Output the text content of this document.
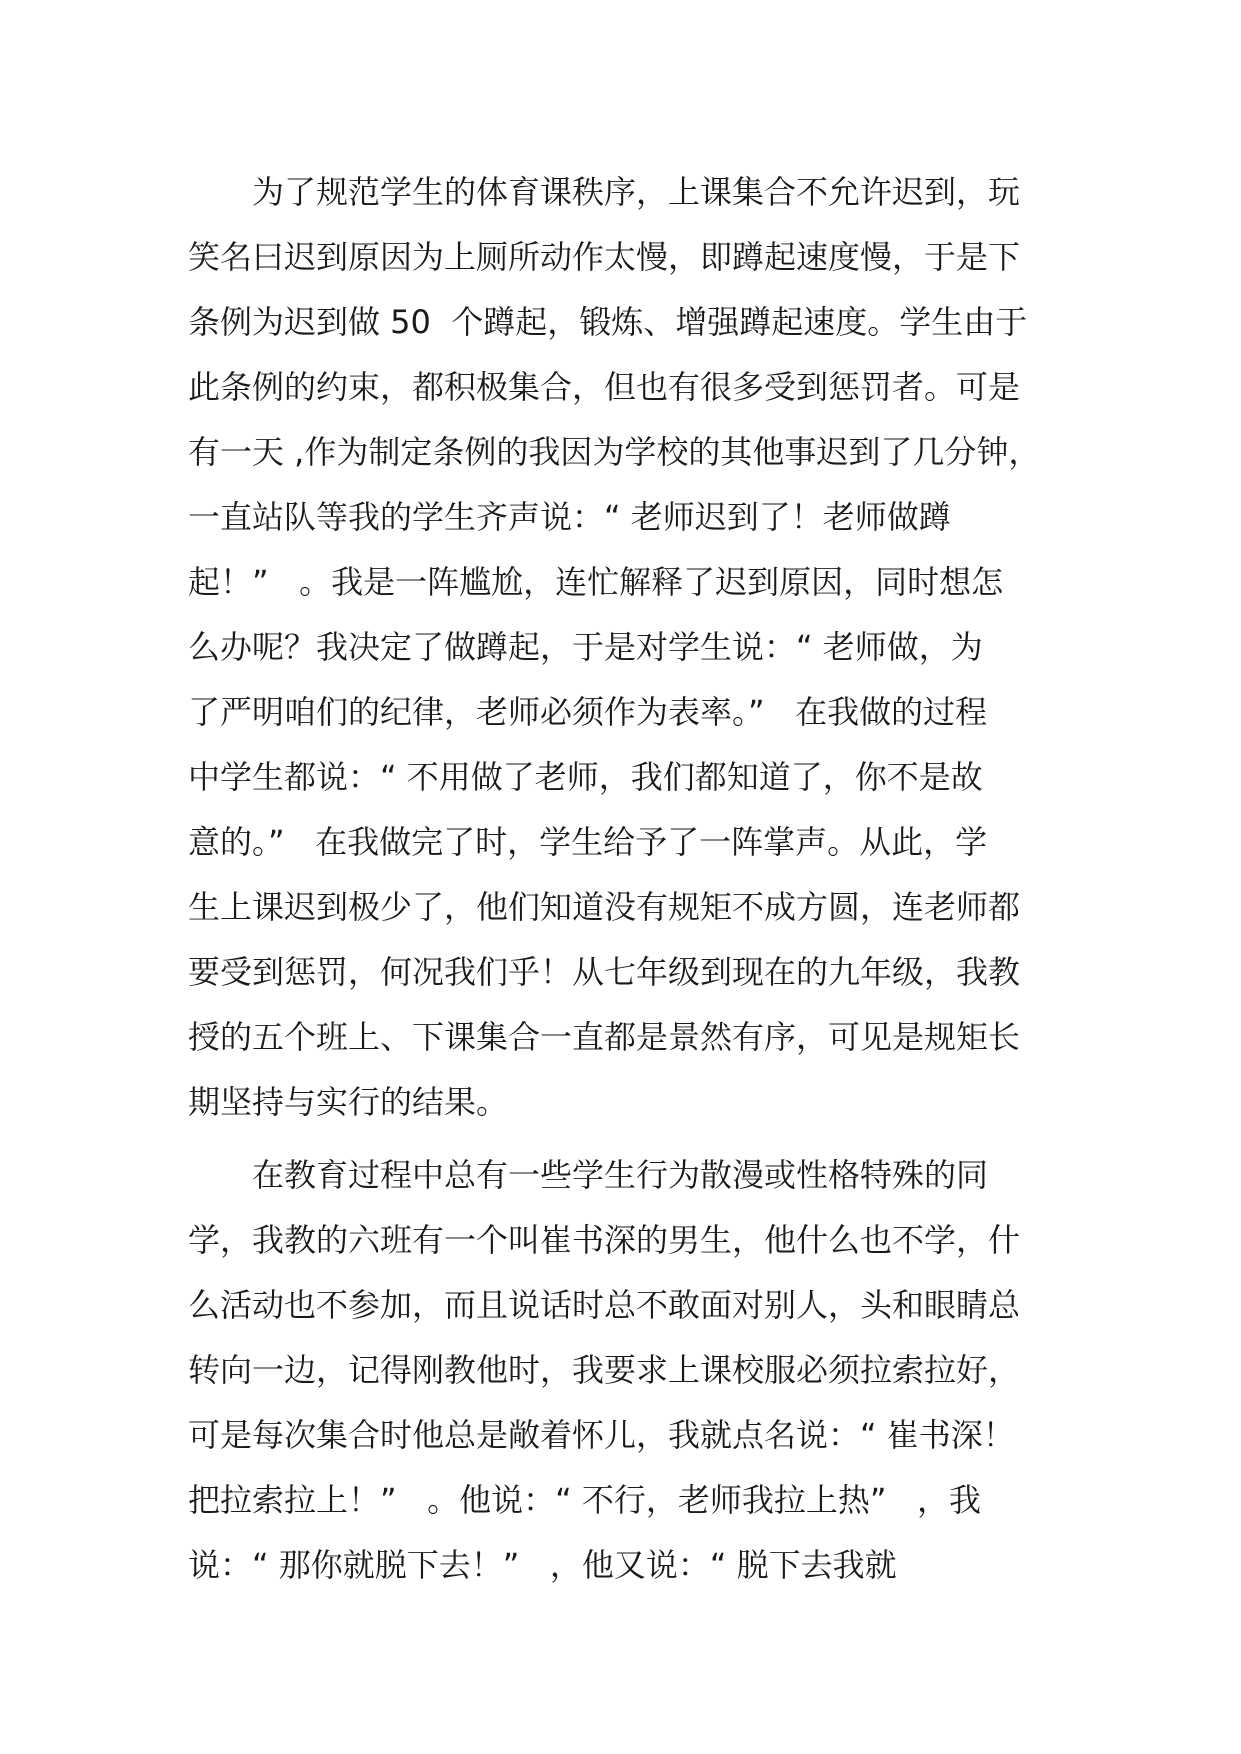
为了规范学生的体育课秩序，上课集合不允许迟到，玩
笑名曰迟到原因为上厕所动作太慢，即蹲起速度慢，于是下
条例为迟到做 50  个蹲起，锻炼、增强蹲起速度。学生由于
此条例的约束，都积极集合，但也有很多受到惩罚者。可是
有一天 ,作为制定条例的我因为学校的其他事迟到了几分钟，
一直站队等我的学生齐声说：“ 老师迟到了！老师做蹲
起！”   。我是一阵尴尬，连忙解释了迟到原因，同时想怎
么办呢？我决定了做蹲起，于是对学生说：“ 老师做，为
了严明咱们的纪律，老师必须作为表率。”   在我做的过程
中学生都说：“ 不用做了老师，我们都知道了，你不是故
意的。”   在我做完了时，学生给予了一阵掌声。从此，学
生上课迟到极少了，他们知道没有规矩不成方圆，连老师都
要受到惩罚，何况我们乎！从七年级到现在的九年级，我教
授的五个班上、下课集合一直都是景然有序，可见是规矩长
期坚持与实行的结果。
在教育过程中总有一些学生行为散漫或性格特殊的同
学，我教的六班有一个叫崔书深的男生，他什么也不学，什
么活动也不参加，而且说话时总不敢面对别人，头和眼睛总
转向一边，记得刚教他时，我要求上课校服必须拉索拉好，
可是每次集合时他总是敞着怀儿，我就点名说：“ 崔书深！
把拉索拉上！”   。他说：“ 不行，老师我拉上热”   ，我
说：“ 那你就脱下去！”   ，他又说：“ 脱下去我就
